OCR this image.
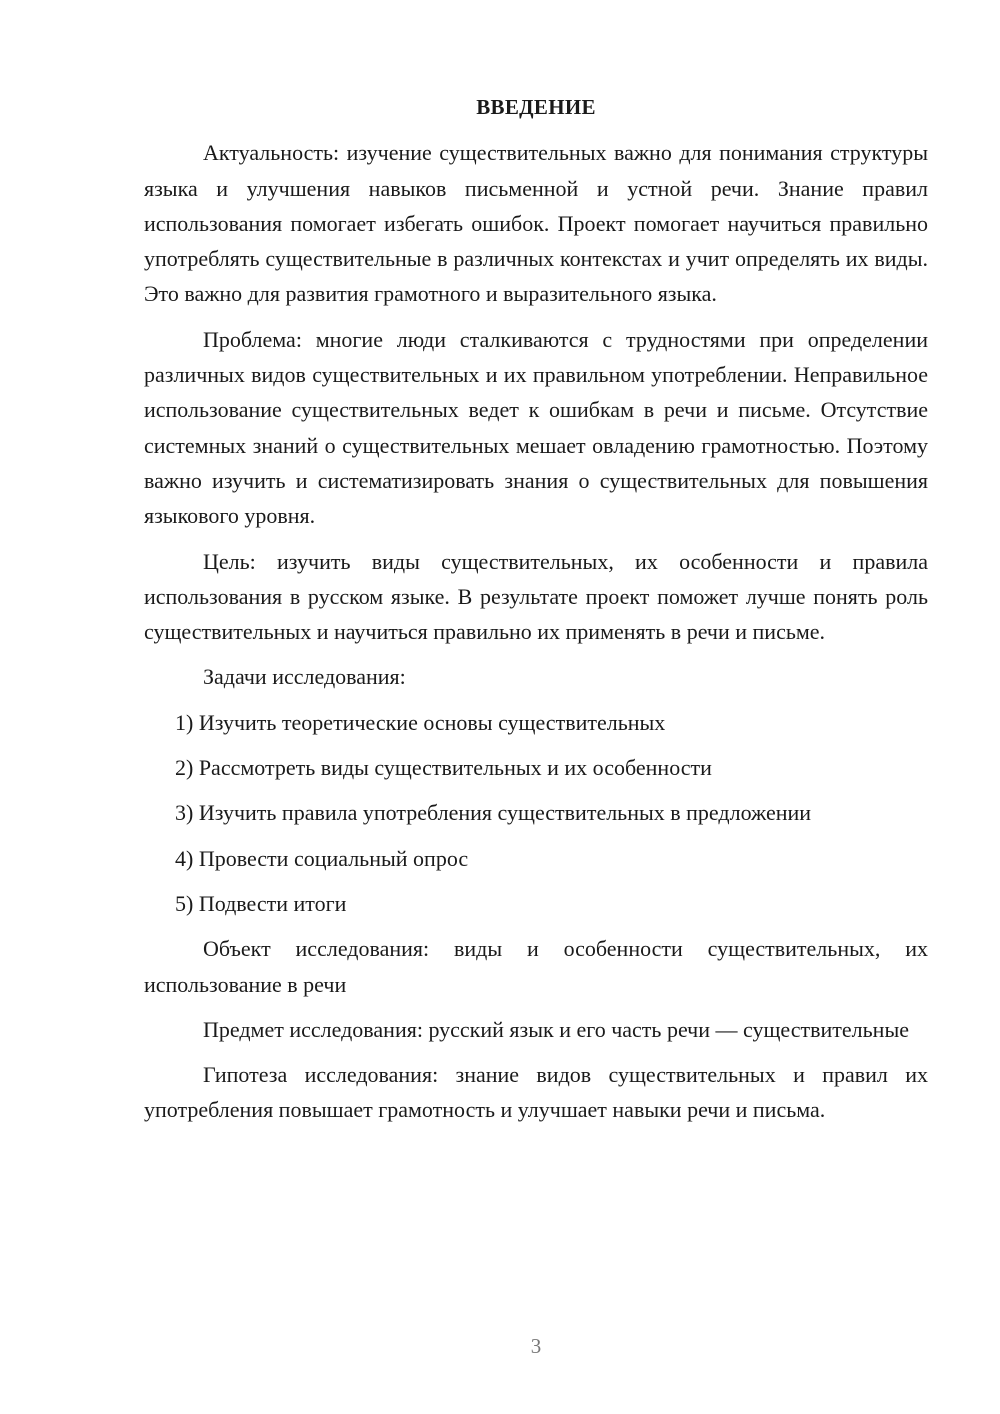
ВВЕДЕНИЕ

Актуальность: изучение существительных важно для понимания структуры языка и улучшения навыков письменной и устной речи. Знание правил использования помогает избегать ошибок. Проект помогает научиться правильно употреблять существительные в различных контекстах и учит определять их виды. Это важно для развития грамотного и выразительного языка.

Проблема: многие люди сталкиваются с трудностями при определении различных видов существительных и их правильном употреблении. Неправильное использование существительных ведет к ошибкам в речи и письме. Отсутствие системных знаний о существительных мешает овладению грамотностью. Поэтому важно изучить и систематизировать знания о существительных для повышения языкового уровня.

Цель: изучить виды существительных, их особенности и правила использования в русском языке. В результате проект поможет лучше понять роль существительных и научиться правильно их применять в речи и письме.

Задачи исследования:

1) Изучить теоретические основы существительных
2) Рассмотреть виды существительных и их особенности
3) Изучить правила употребления существительных в предложении
4) Провести социальный опрос
5) Подвести итоги

Объект исследования: виды и особенности существительных, их использование в речи

Предмет исследования: русский язык и его часть речи — существительные

Гипотеза исследования: знание видов существительных и правил их употребления повышает грамотность и улучшает навыки речи и письма.

3
